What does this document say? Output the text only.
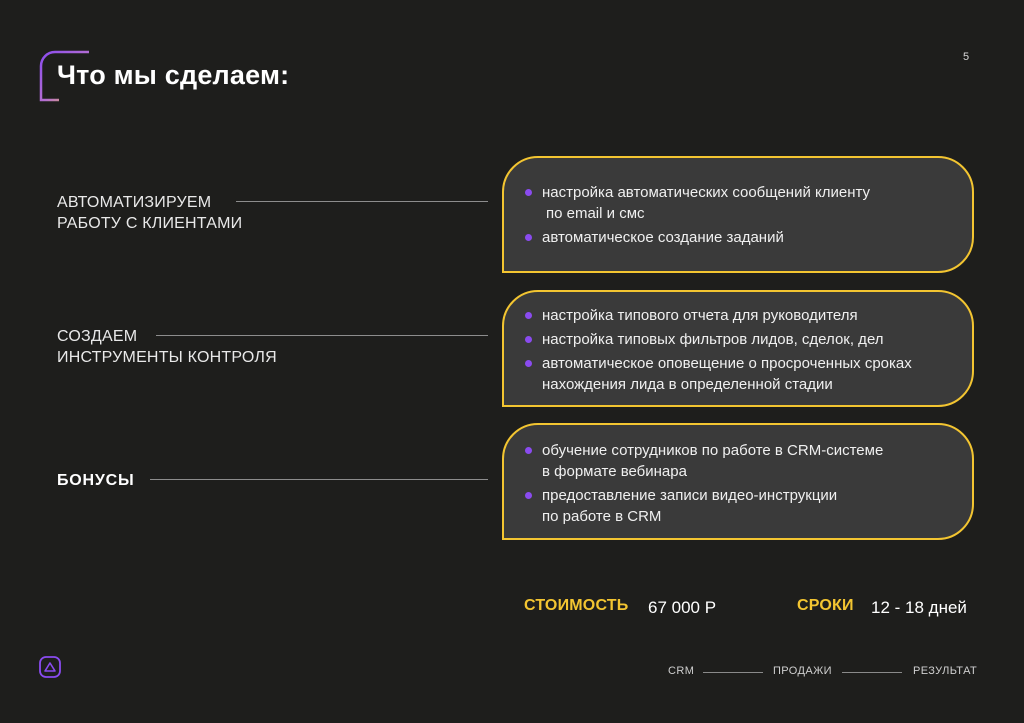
Что мы сделаем:
5
АВТОМАТИЗИРУЕМ
РАБОТУ С КЛИЕНТАМИ
настройка автоматических сообщений клиенту
по email и смс
автоматическое создание заданий
СОЗДАЕМ
ИНСТРУМЕНТЫ КОНТРОЛЯ
настройка типового отчета для руководителя
настройка типовых фильтров лидов, сделок, дел
автоматическое оповещение о просроченных сроках
нахождения лида в определенной стадии
БОНУСЫ
обучение сотрудников по работе в CRM-системе
в формате вебинара
предоставление записи видео-инструкции
по работе в CRM
СТОИМОСТЬ 67 000 Р	СРОКИ 12 - 18 дней
CRM	ПРОДАЖИ	РЕЗУЛЬТАТ
